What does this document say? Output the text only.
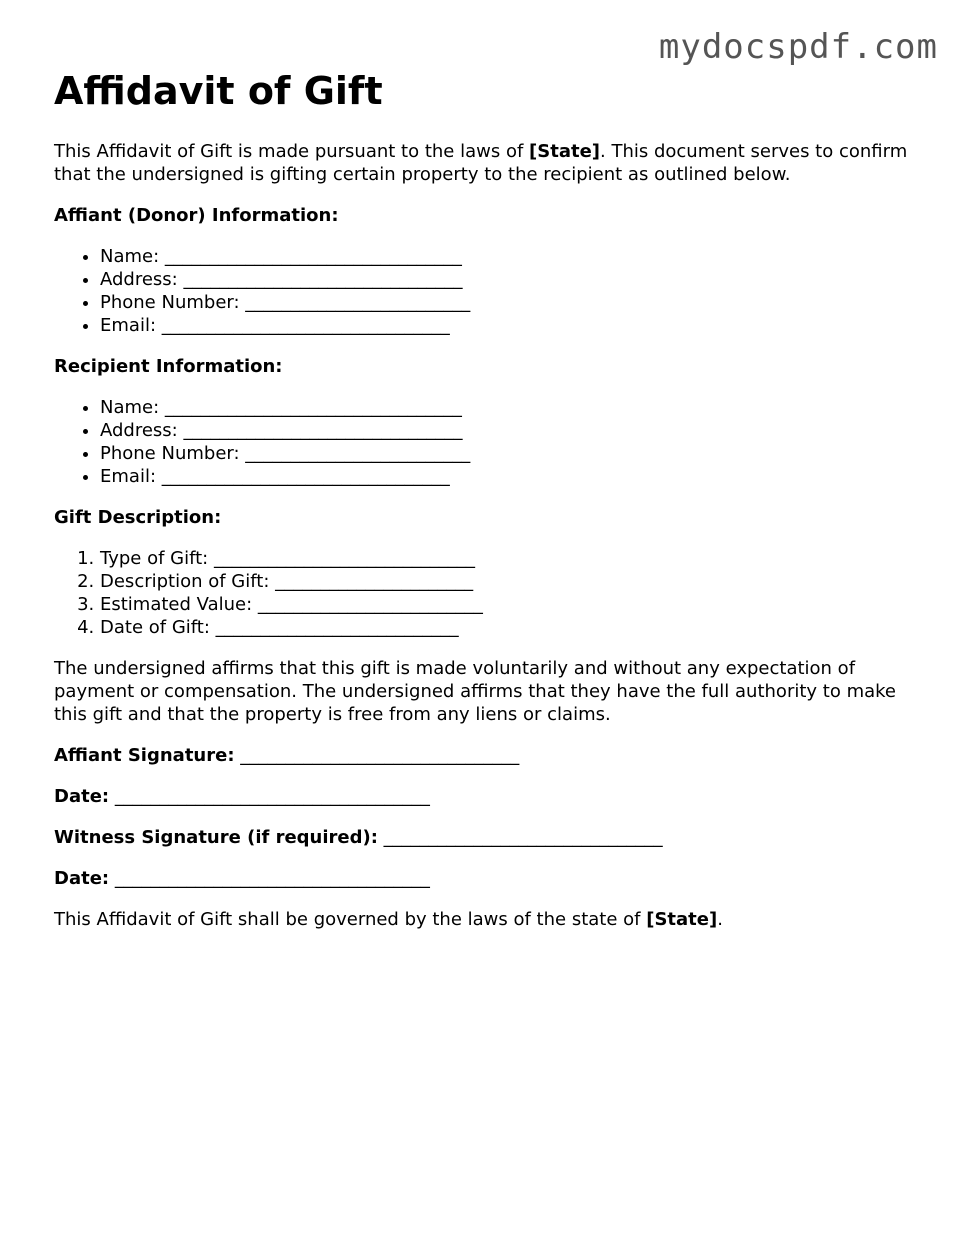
mydocspdf.com
Affidavit of Gift

This Affidavit of Gift is made pursuant to the laws of [State]. This document serves to confirm that the undersigned is gifting certain property to the recipient as outlined below.

Affiant (Donor) Information:
• Name: _________________________________
• Address: _______________________________
• Phone Number: _________________________
• Email: ________________________________
Recipient Information:
• Name: _________________________________
• Address: _______________________________
• Phone Number: _________________________
• Email: ________________________________
Gift Description:
1. Type of Gift: _____________________________
2. Description of Gift: ______________________
3. Estimated Value: _________________________
4. Date of Gift: ___________________________

The undersigned affirms that this gift is made voluntarily and without any expectation of payment or compensation. The undersigned affirms that they have the full authority to make this gift and that the property is free from any liens or claims.

Affiant Signature: _______________________________
Date: ___________________________________
Witness Signature (if required): _______________________________
Date: ___________________________________

This Affidavit of Gift shall be governed by the laws of the state of [State].
